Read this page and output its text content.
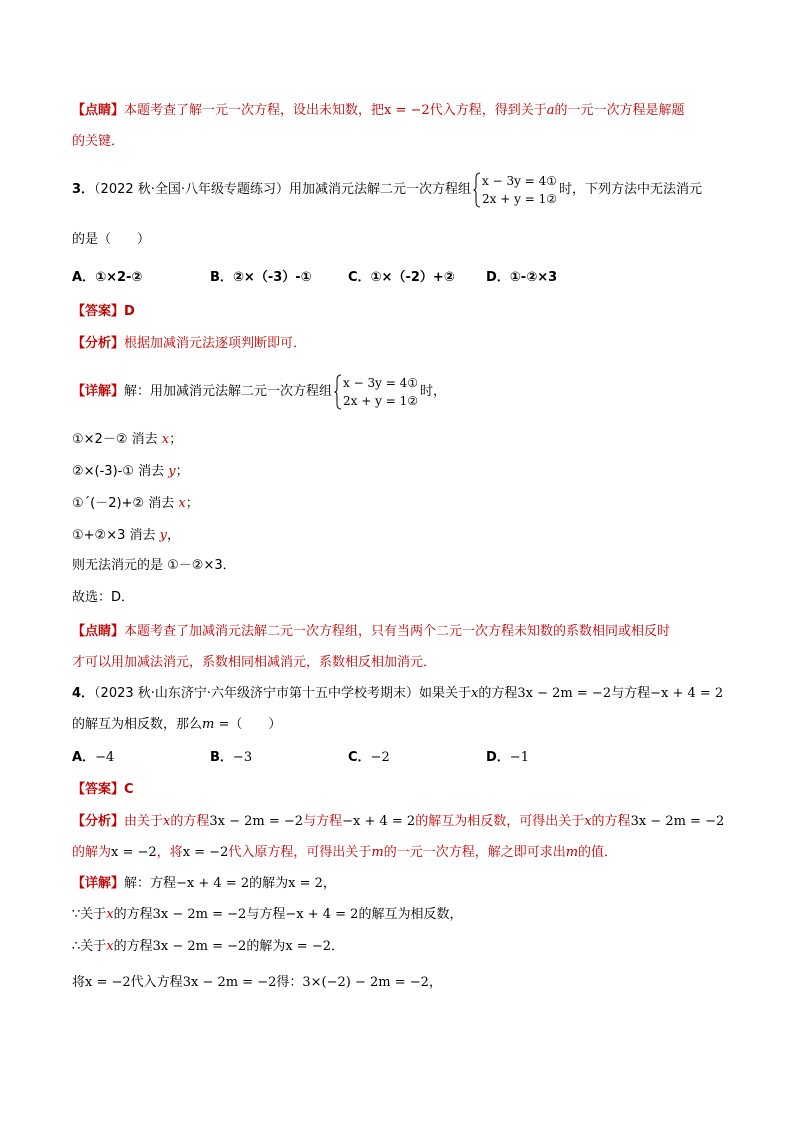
【点睛】本题考查了解一元一次方程，设出未知数，把x = −2代入方程，得到关于a的一元一次方程是解题
的关键．
3．（2022 秋·全国·八年级专题练习）用加减消元法解二元一次方程组
x − 3y = 4①
2x + y = 1②
时，下列方法中无法消元
的是（　　）
A．①×2-②	B．②×（-3）-①	C．①×（-2）+② D．①-②×3
【答案】D
【分析】根据加减消元法逐项判断即可．
【详解】解：用加减消元法解二元一次方程组
x − 3y = 4①
2x + y = 1②
时，
①×2－② 消去 x；
②×(-3)-① 消去 y；
①´(－2)+② 消去 x；
①+②×3 消去 y，
则无法消元的是 ①－②×3．
故选：D．
【点睛】本题考查了加减消元法解二元一次方程组，只有当两个二元一次方程未知数的系数相同或相反时
才可以用加减法消元，系数相同相减消元，系数相反相加消元．
4．（2023 秋·山东济宁·六年级济宁市第十五中学校考期末）如果关于x的方程3x − 2m = −2与方程−x + 4 = 2
的解互为相反数，那么m =（　　）
A．−4	B．−3	C．−2	D．−1
【答案】C
【分析】由关于x的方程3x − 2m = −2与方程−x + 4 = 2的解互为相反数，可得出关于x的方程3x − 2m = −2
的解为x = −2，将x = −2代入原方程，可得出关于m的一元一次方程，解之即可求出m的值．
【详解】解：方程−x + 4 = 2的解为x = 2，
∵关于x的方程3x − 2m = −2与方程−x + 4 = 2的解互为相反数，
∴关于x的方程3x − 2m = −2的解为x = −2．
将x = −2代入方程3x − 2m = −2得：3×(−2) − 2m = −2，
